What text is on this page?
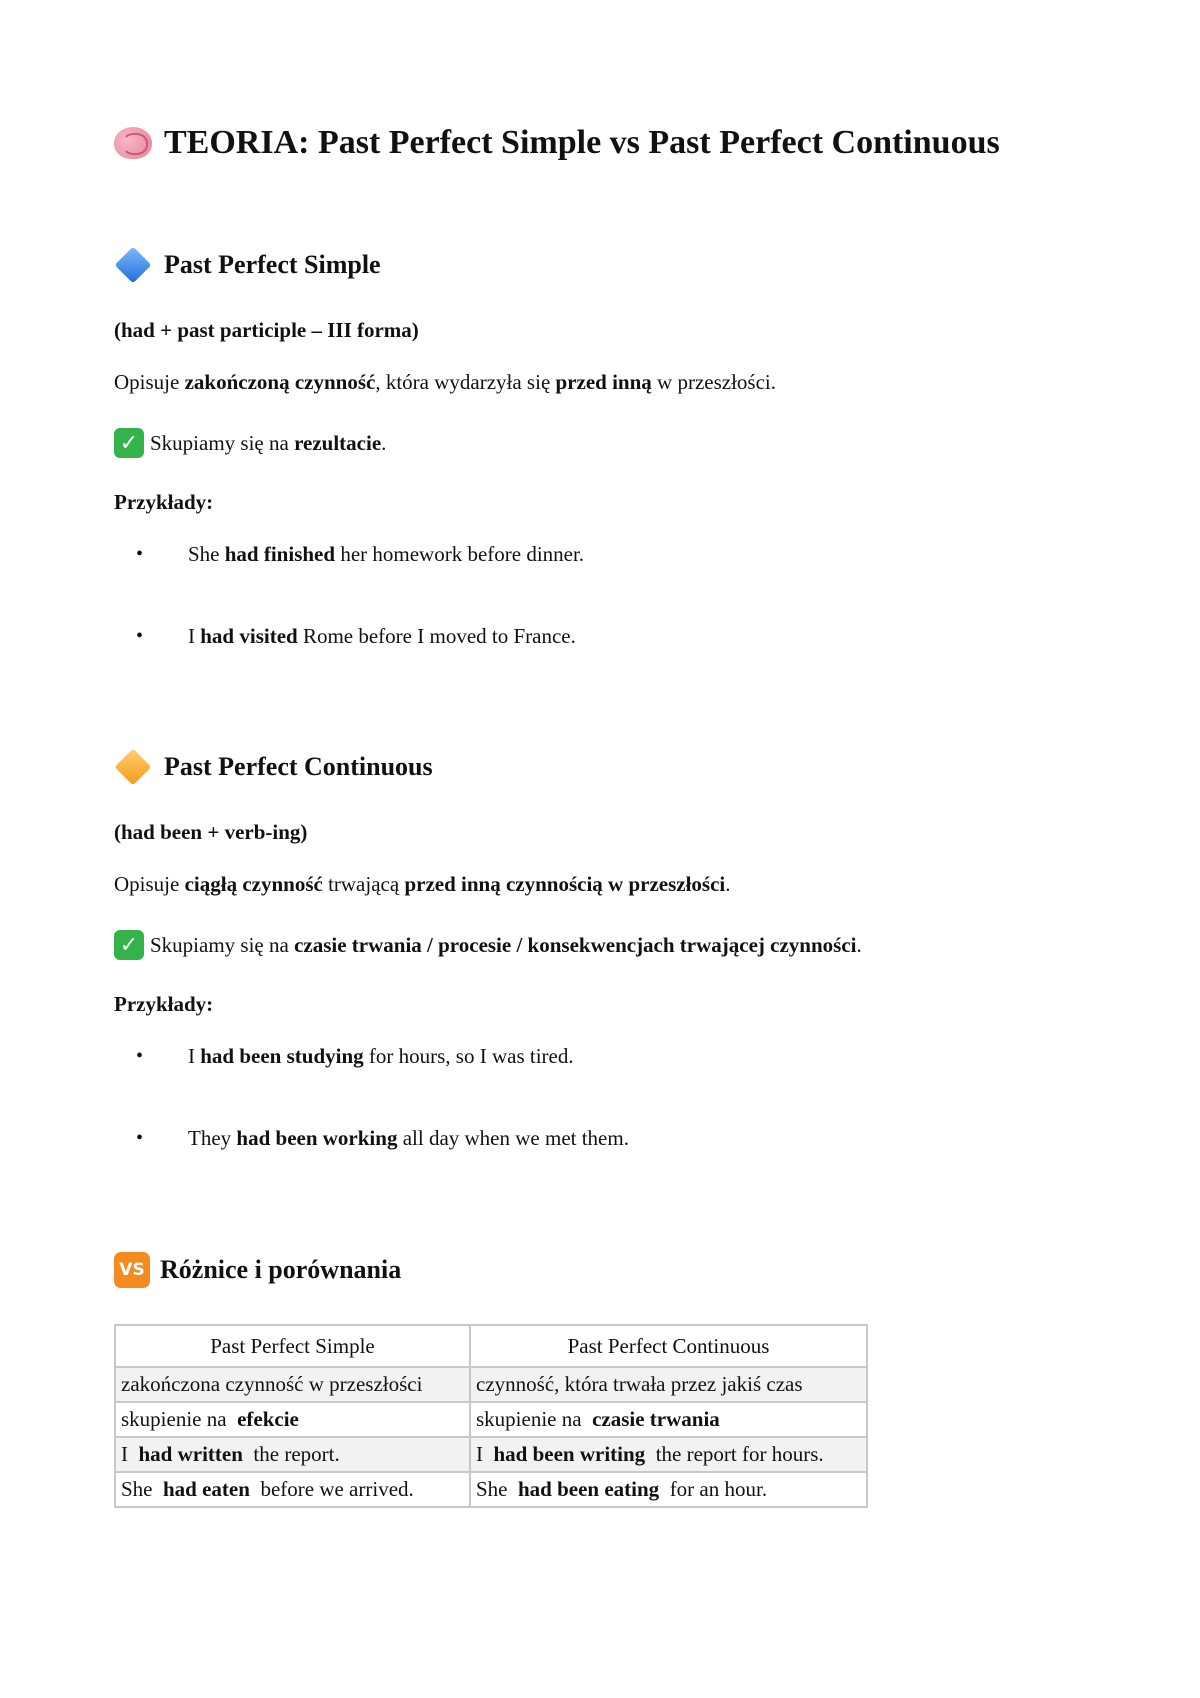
TEORIA: Past Perfect Simple vs Past Perfect Continuous
Past Perfect Simple
(had + past participle – III forma)
Opisuje
zakończoną czynność , która wydarzyła się
przed inną
w przeszłości.
✓ Skupiamy się na
rezultacie .
Przykłady:
•	She
had finished
her homework before dinner.
•	I
had visited
Rome before I moved to France.
Past Perfect Continuous
(had been + verb-ing)
Opisuje
ciągłą czynność
trwającą
przed inną czynnością w przeszłości .
✓ Skupiamy się na
czasie trwania / procesie / konsekwencjach trwającej czynności .
Przykłady:
•	I
had been studying
for hours, so I was tired.
•	They
had been working
all day when we met them.
VS Różnice i porównania
Past Perfect Simple	Past Perfect Continuous
zakończona czynność w przeszłości	czynność, która trwała przez jakiś czas
skupienie na  efekcie	skupienie na  czasie trwania
I  had written  the report.	I  had been writing  the report for hours.
She  had eaten  before we arrived.	She  had been eating  for an hour.
